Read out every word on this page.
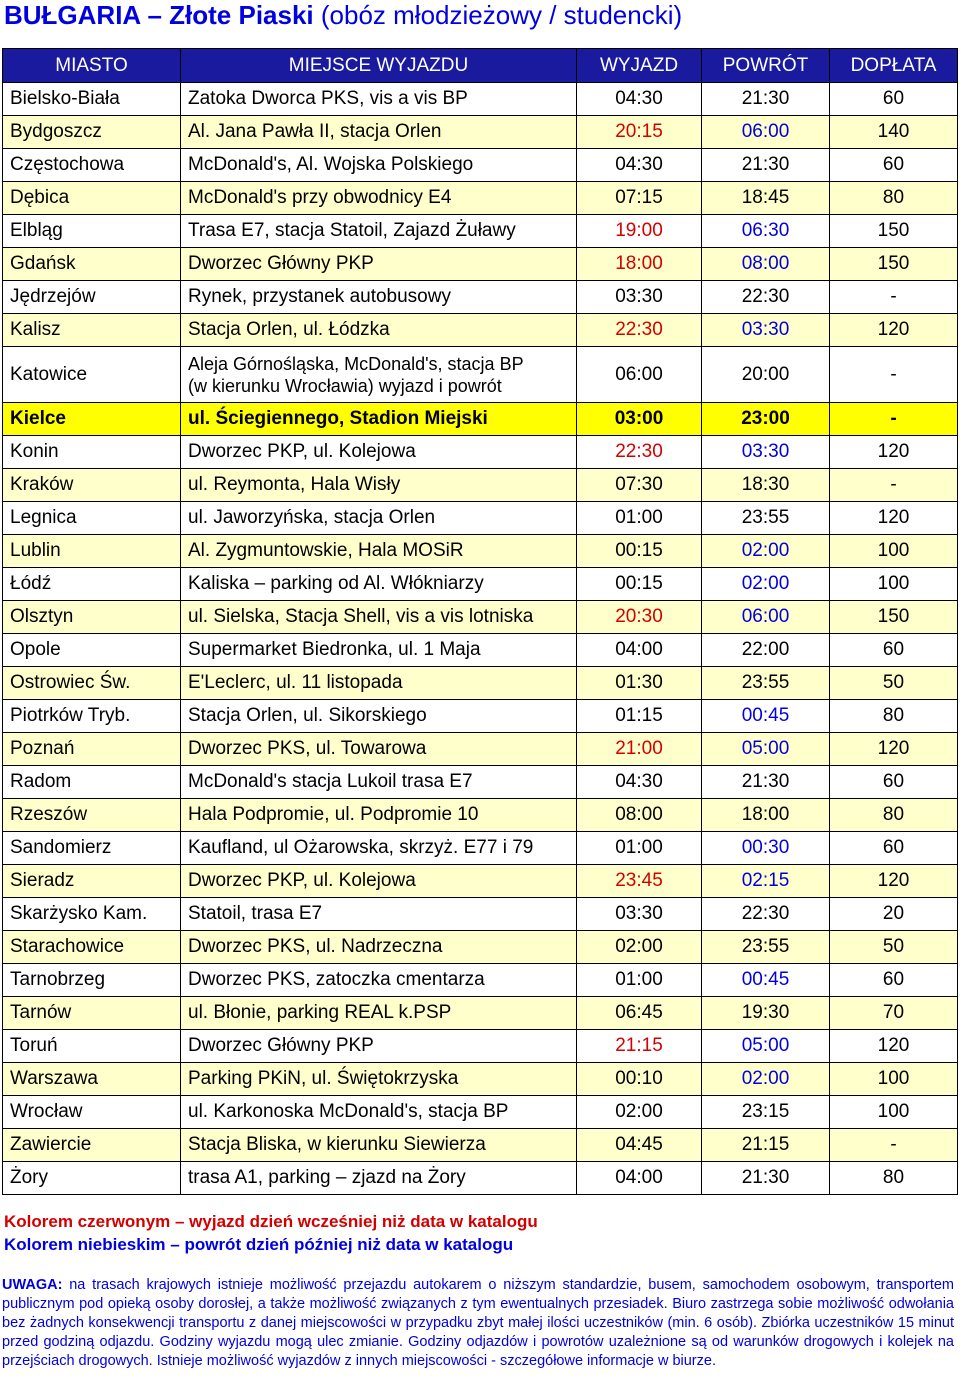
BUŁGARIA – Złote Piaski (obóz młodzieżowy / studencki)
MIASTO	MIEJSCE WYJAZDU	WYJAZD	POWRÓT	DOPŁATA
Bielsko-Biała	Zatoka Dworca PKS, vis a vis BP	04:30	21:30	60
Bydgoszcz	Al. Jana Pawła II, stacja Orlen	20:15	06:00	140
Częstochowa	McDonald's, Al. Wojska Polskiego	04:30	21:30	60
Dębica	McDonald's przy obwodnicy E4	07:15	18:45	80
Elbląg	Trasa E7, stacja Statoil, Zajazd Żuławy	19:00	06:30	150
Gdańsk	Dworzec Główny PKP	18:00	08:00	150
Jędrzejów	Rynek, przystanek autobusowy	03:30	22:30	-
Kalisz	Stacja Orlen, ul. Łódzka	22:30	03:30	120
Katowice	Aleja Górnośląska, McDonald's, stacja BP
(w kierunku Wrocławia) wyjazd i powrót	06:00	20:00	-
Kielce	ul. Ściegiennego, Stadion Miejski	03:00	23:00	-
Konin	Dworzec PKP, ul. Kolejowa	22:30	03:30	120
Kraków	ul. Reymonta, Hala Wisły	07:30	18:30	-
Legnica	ul. Jaworzyńska, stacja Orlen	01:00	23:55	120
Lublin	Al. Zygmuntowskie, Hala MOSiR	00:15	02:00	100
Łódź	Kaliska – parking od Al. Włókniarzy	00:15	02:00	100
Olsztyn	ul. Sielska, Stacja Shell, vis a vis lotniska	20:30	06:00	150
Opole	Supermarket Biedronka, ul. 1 Maja	04:00	22:00	60
Ostrowiec Św.	E'Leclerc, ul. 11 listopada	01:30	23:55	50
Piotrków Tryb.	Stacja Orlen, ul. Sikorskiego	01:15	00:45	80
Poznań	Dworzec PKS, ul. Towarowa	21:00	05:00	120
Radom	McDonald's stacja Lukoil trasa E7	04:30	21:30	60
Rzeszów	Hala Podpromie, ul. Podpromie 10	08:00	18:00	80
Sandomierz	Kaufland, ul Ożarowska, skrzyż. E77 i 79	01:00	00:30	60
Sieradz	Dworzec PKP, ul. Kolejowa	23:45	02:15	120
Skarżysko Kam.	Statoil, trasa E7	03:30	22:30	20
Starachowice	Dworzec PKS, ul. Nadrzeczna	02:00	23:55	50
Tarnobrzeg	Dworzec PKS, zatoczka cmentarza	01:00	00:45	60
Tarnów	ul. Błonie, parking REAL k.PSP	06:45	19:30	70
Toruń	Dworzec Główny PKP	21:15	05:00	120
Warszawa	Parking PKiN, ul. Świętokrzyska	00:10	02:00	100
Wrocław	ul. Karkonoska McDonald's, stacja BP	02:00	23:15	100
Zawiercie	Stacja Bliska, w kierunku Siewierza	04:45	21:15	-
Żory	trasa A1, parking – zjazd na Żory	04:00	21:30	80
Kolorem czerwonym – wyjazd dzień wcześniej niż data w katalogu
Kolorem niebieskim – powrót dzień później niż data w katalogu
UWAGA: na trasach krajowych istnieje możliwość przejazdu autokarem o niższym standardzie, busem, samochodem osobowym, transportem publicznym pod opieką osoby dorosłej, a także możliwość związanych z tym ewentualnych przesiadek. Biuro zastrzega sobie możliwość odwołania bez żadnych konsekwencji transportu z danej miejscowości w przypadku zbyt małej ilości uczestników (min. 6 osób). Zbiórka uczestników 15 minut przed godziną odjazdu. Godziny wyjazdu mogą ulec zmianie. Godziny odjazdów i powrotów uzależnione są od warunków drogowych i kolejek na przejściach drogowych. Istnieje możliwość wyjazdów z innych miejscowości - szczegółowe informacje w biurze.
